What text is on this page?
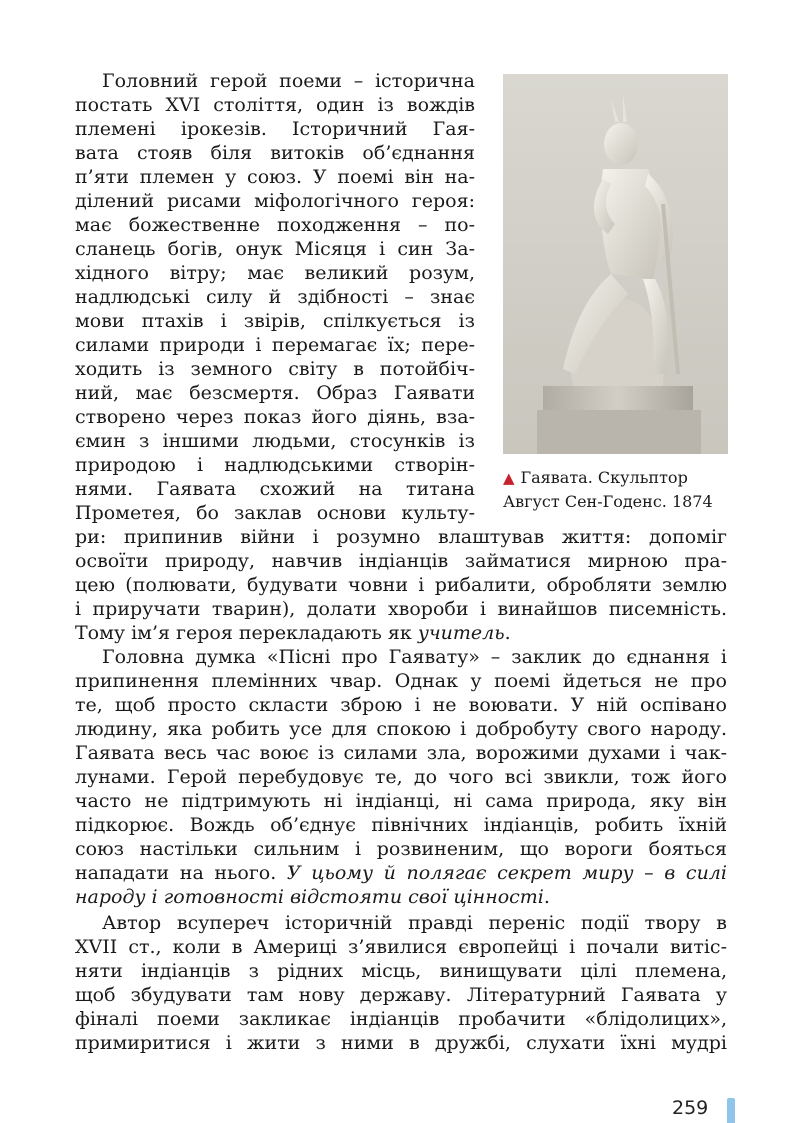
▲ Гаявата. Скульптор
Август Сен-Годенс. 1874
Головний герой поеми – історична
постать XVI століття, один із вождів
племені ірокезів. Історичний Гая-
вата стояв біля витоків об’єднання
п’яти племен у союз. У поемі він на-
ділений рисами міфологічного героя:
має божественне походження – по-
сланець богів, онук Місяця і син За-
хідного вітру; має великий розум,
надлюдські силу й здібності – знає
мови птахів і звірів, спілкується із
силами природи і перемагає їх; пере-
ходить із земного світу в потойбіч-
ний, має безсмертя. Образ Гаявати
створено через показ його діянь, вза-
ємин з іншими людьми, стосунків із
природою і надлюдськими створін-
нями. Гаявата схожий на титана
Прометея, бо заклав основи культу-
ри: припинив війни і розумно влаштував життя: допоміг
освоїти природу, навчив індіанців займатися мирною пра-
цею (полювати, будувати човни і рибалити, обробляти землю
і приручати тварин), долати хвороби і винайшов писемність.
Тому ім’я героя перекладають як учитель.
Головна думка «Пісні про Гаявату» – заклик до єднання і
припинення племінних чвар. Однак у поемі йдеться не про
те, щоб просто скласти зброю і не воювати. У ній оспівано
людину, яка робить усе для спокою і добробуту свого народу.
Гаявата весь час воює із силами зла, ворожими духами і чак-
лунами. Герой перебудовує те, до чого всі звикли, тож його
часто не підтримують ні індіанці, ні сама природа, яку він
підкорює. Вождь об’єднує північних індіанців, робить їхній
союз настільки сильним і розвиненим, що вороги бояться
нападати на нього. У цьому й полягає секрет миру – в силі
народу і готовності відстояти свої цінності.
Автор всупереч історичній правді переніс події твору в
XVII ст., коли в Америці з’явилися європейці і почали витіс-
няти індіанців з рідних місць, винищувати цілі племена,
щоб збудувати там нову державу. Літературний Гаявата у
фіналі поеми закликає індіанців пробачити «блідолицих»,
примиритися і жити з ними в дружбі, слухати їхні мудрі
259
